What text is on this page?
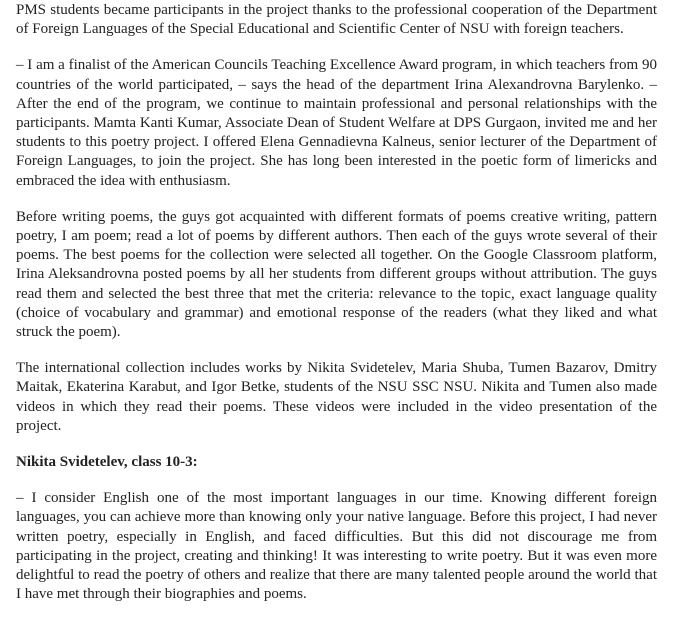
PMS students became participants in the project thanks to the professional cooperation of the Department of Foreign Languages of the Special Educational and Scientific Center of NSU with foreign teachers.

– I am a finalist of the American Councils Teaching Excellence Award program, in which teachers from 90 countries of the world participated, – says the head of the department Irina Alexandrovna Barylenko. – After the end of the program, we continue to maintain professional and personal relationships with the participants. Mamta Kanti Kumar, Associate Dean of Student Welfare at DPS Gurgaon, invited me and her students to this poetry project. I offered Elena Gennadievna Kalneus, senior lecturer of the Department of Foreign Languages, to join the project. She has long been interested in the poetic form of limericks and embraced the idea with enthusiasm.

Before writing poems, the guys got acquainted with different formats of poems creative writing, pattern poetry, I am poem; read a lot of poems by different authors. Then each of the guys wrote several of their poems. The best poems for the collection were selected all together. On the Google Classroom platform, Irina Aleksandrovna posted poems by all her students from different groups without attribution. The guys read them and selected the best three that met the criteria: relevance to the topic, exact language quality (choice of vocabulary and grammar) and emotional response of the readers (what they liked and what struck the poem).

The international collection includes works by Nikita Svidetelev, Maria Shuba, Tumen Bazarov, Dmitry Maitak, Ekaterina Karabut, and Igor Betke, students of the NSU SSC NSU. Nikita and Tumen also made videos in which they read their poems. These videos were included in the video presentation of the project.

Nikita Svidetelev, class 10-3:

– I consider English one of the most important languages in our time. Knowing different foreign languages, you can achieve more than knowing only your native language. Before this project, I had never written poetry, especially in English, and faced difficulties. But this did not discourage me from participating in the project, creating and thinking! It was interesting to write poetry. But it was even more delightful to read the poetry of others and realize that there are many talented people around the world that I have met through their biographies and poems.
